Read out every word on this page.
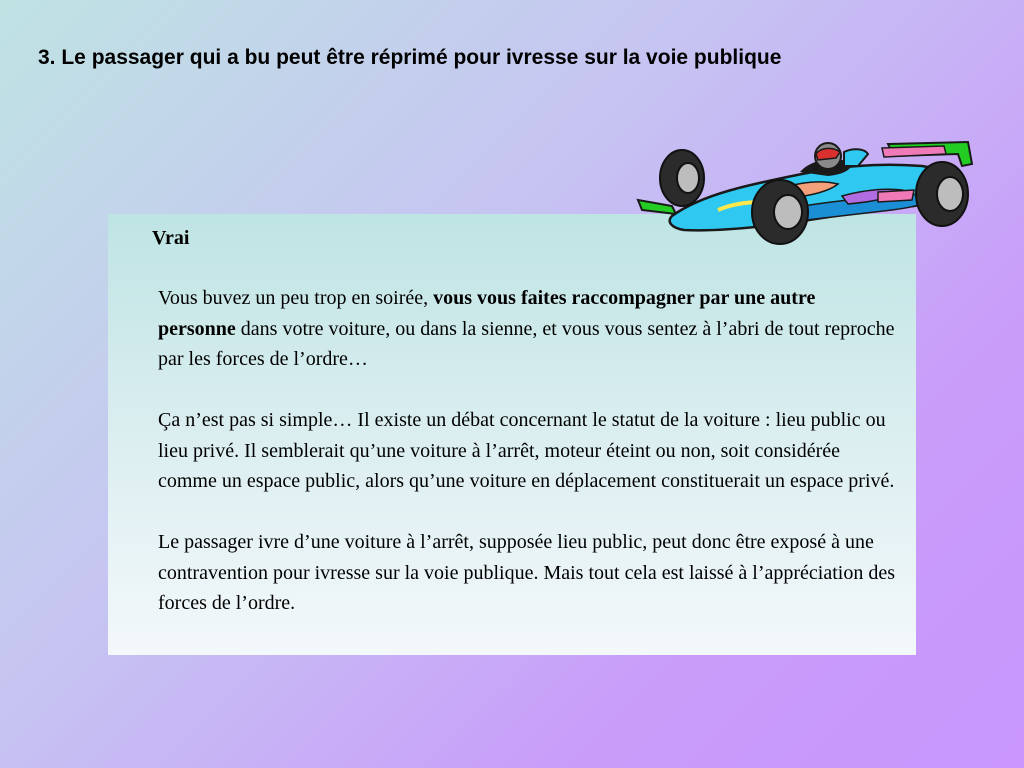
3. Le passager qui a bu peut être réprimé pour ivresse sur la voie publique
Vrai

Vous buvez un peu trop en soirée, vous vous faites raccompagner par une autre personne dans votre voiture, ou dans la sienne, et vous vous sentez à l’abri de tout reproche par les forces de l’ordre…

Ça n’est pas si simple… Il existe un débat concernant le statut de la voiture : lieu public ou lieu privé. Il semblerait qu’une voiture à l’arrêt, moteur éteint ou non, soit considérée comme un espace public, alors qu’une voiture en déplacement constituerait un espace privé.

Le passager ivre d’une voiture à l’arrêt, supposée lieu public, peut donc être exposé à une contravention pour ivresse sur la voie publique. Mais tout cela est laissé à l’appréciation des forces de l’ordre.
